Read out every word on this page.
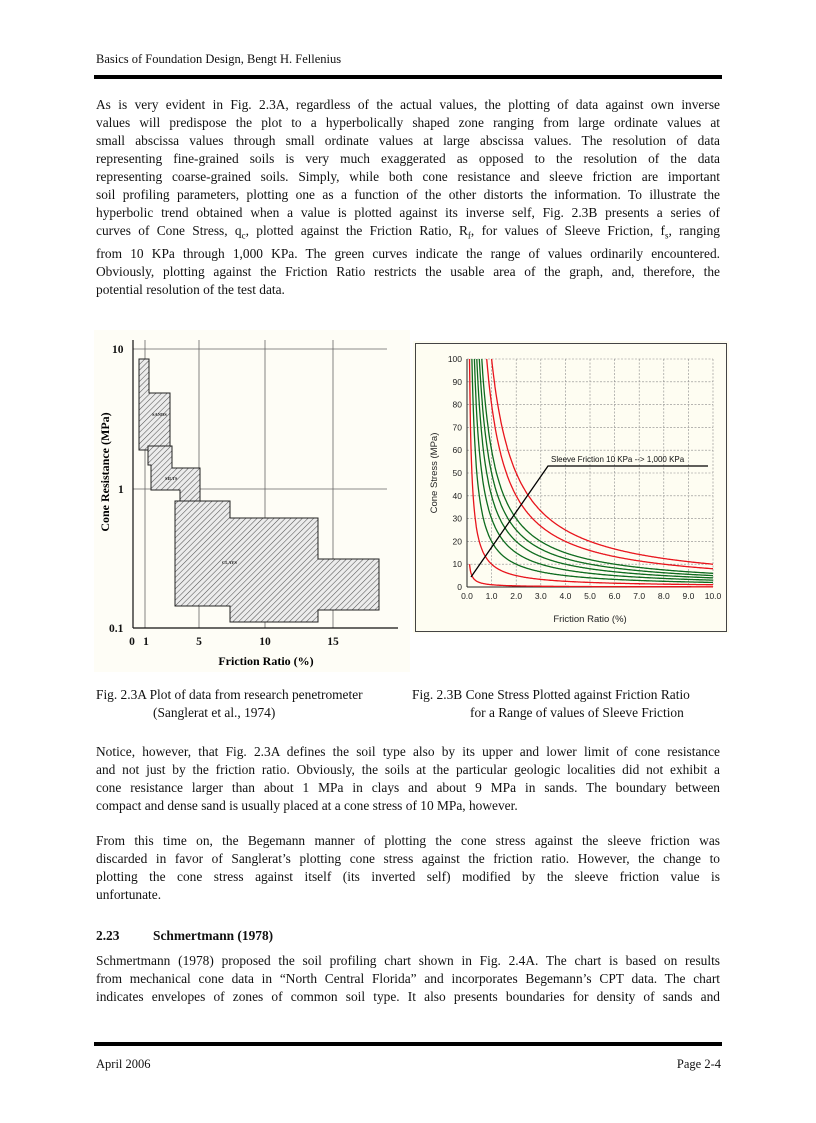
Basics of Foundation Design, Bengt H. Fellenius
As is very evident in Fig. 2.3A, regardless of the actual values, the plotting of data against own inverse
values will predispose the plot to a hyperbolically shaped zone ranging from large ordinate values at
small abscissa values through small ordinate values at large abscissa values. The resolution of data
representing fine-grained soils is very much exaggerated as opposed to the resolution of the data
representing coarse-grained soils. Simply, while both cone resistance and sleeve friction are important
soil profiling parameters, plotting one as a function of the other distorts the information. To illustrate the
hyperbolic trend obtained when a value is plotted against its inverse self, Fig. 2.3B presents a series of
curves of Cone Stress, $q_c$, plotted against the Friction Ratio, $R_f$, for values of Sleeve Friction, $f_s$, ranging
from 10 KPa through 1,000 KPa. The green curves indicate the range of values ordinarily encountered.
Obviously, plotting against the Friction Ratio restricts the usable area of the graph, and, therefore, the
potential resolution of the test data.
SANDS
SILTS
CLAYS
10
1
0.1
0 1	5	10	15
Friction Ratio (%)
Cone Resistance (MPa)	Sleeve Friction 10 KPa --> 1,000 KPa
0
10
20
30
40
50
60
70
80
90
100
0.0 1.0 2.0 3.0 4.0 5.0 6.0 7.0 8.0 9.0 10.0
Friction Ratio (%)
Cone Stress (MPa)
Fig. 2.3A Plot of data from research penetrometer
(Sanglerat et al., 1974)
Fig. 2.3B Cone Stress Plotted against Friction Ratio
for a Range of values of Sleeve Friction
Notice, however, that Fig. 2.3A defines the soil type also by its upper and lower limit of cone resistance
and not just by the friction ratio. Obviously, the soils at the particular geologic localities did not exhibit a
cone resistance larger than about 1 MPa in clays and about 9 MPa in sands. The boundary between
compact and dense sand is usually placed at a cone stress of 10 MPa, however.
From this time on, the Begemann manner of plotting the cone stress against the sleeve friction was
discarded in favor of Sanglerat’s plotting cone stress against the friction ratio. However, the change to
plotting the cone stress against itself (its inverted self) modified by the sleeve friction value is
unfortunate.
2.23	Schmertmann (1978)
Schmertmann (1978) proposed the soil profiling chart shown in Fig. 2.4A. The chart is based on results
from mechanical cone data in “North Central Florida” and incorporates Begemann’s CPT data. The chart
indicates envelopes of zones of common soil type. It also presents boundaries for density of sands and
April 2006	Page 2-4
